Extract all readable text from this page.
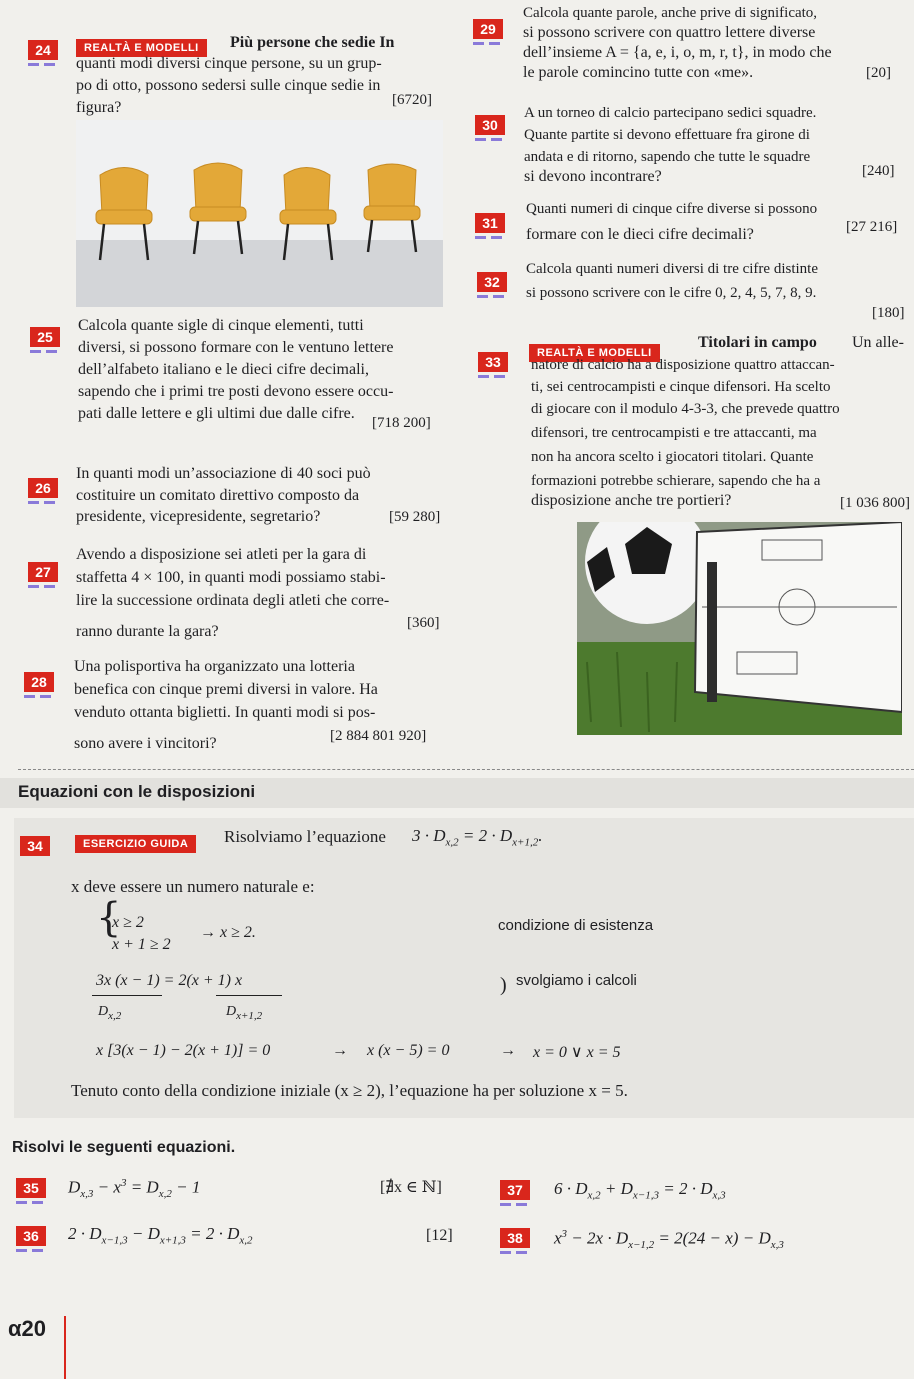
24	REALTÀ E MODELLI	Più persone che sedie In
quanti modi diversi cinque persone, su un grup-
po di otto, possono sedersi sulle cinque sedie in
figura?	[6720]
25
Calcola quante sigle di cinque elementi, tutti
diversi, si possono formare con le ventuno lettere
dell’alfabeto italiano e le dieci cifre decimali,
sapendo che i primi tre posti devono essere occu-
pati dalle lettere e gli ultimi due dalle cifre.
[718 200]
26
In quanti modi un’associazione di 40 soci può
costituire un comitato direttivo composto da
presidente, vicepresidente, segretario?	[59 280]
27
Avendo a disposizione sei atleti per la gara di
staffetta 4 × 100, in quanti modi possiamo stabi-
lire la successione ordinata degli atleti che corre-
ranno durante la gara?	[360]
28
Una polisportiva ha organizzato una lotteria
benefica con cinque premi diversi in valore. Ha
venduto ottanta biglietti. In quanti modi si pos-
sono avere i vincitori?	[2 884 801 920]
29
Calcola quante parole, anche prive di significato,
si possono scrivere con quattro lettere diverse
dell’insieme A = {a, e, i, o, m, r, t}, in modo che
le parole comincino tutte con «me».	[20]
30
A un torneo di calcio partecipano sedici squadre.
Quante partite si devono effettuare fra girone di
andata e di ritorno, sapendo che tutte le squadre
si devono incontrare?	[240]
31
Quanti numeri di cinque cifre diverse si possono
formare con le dieci cifre decimali?	[27 216]
32
Calcola quanti numeri diversi di tre cifre distinte
si possono scrivere con le cifre 0, 2, 4, 5, 7, 8, 9.
[180]
33
REALTÀ E MODELLI
Titolari in campo Un alle-
natore di calcio ha a disposizione quattro attaccan-
ti, sei centrocampisti e cinque difensori. Ha scelto
di giocare con il modulo 4-3-3, che prevede quattro
difensori, tre centrocampisti e tre attaccanti, ma
non ha ancora scelto i giocatori titolari. Quante
formazioni potrebbe schierare, sapendo che ha a
disposizione anche tre portieri?	[1 036 800]
Equazioni con le disposizioni
34	ESERCIZIO GUIDA	Risolviamo l’equazione $3 \cdot D_{x,2} = 2 \cdot D_{x+1,2}$.
x deve essere un numero naturale e:
{
x ≥ 2
x + 1 ≥ 2
→ x ≥ 2.	condizione di esistenza
3x (x − 1) = 2(x + 1) x
$D_{x,2}$	$D_{x+1,2}$
) svolgiamo i calcoli
x [3(x − 1) − 2(x + 1)] = 0	→ x (x − 5) = 0	→ x = 0 ∨ x = 5
Tenuto conto della condizione iniziale (x ≥ 2), l’equazione ha per soluzione x = 5.
Risolvi le seguenti equazioni.
35	$D_{x,3} - x^3 = D_{x,2} - 1$	[∄x ∈ ℕ]
36	$2 \cdot D_{x-1,3} - D_{x+1,3} = 2 \cdot D_{x,2}$	[12]
37	$6 \cdot D_{x,2} + D_{x-1,3} = 2 \cdot D_{x,3}$
38	$x^3 - 2x \cdot D_{x-1,2} = 2(24 - x) - D_{x,3}$
α20
